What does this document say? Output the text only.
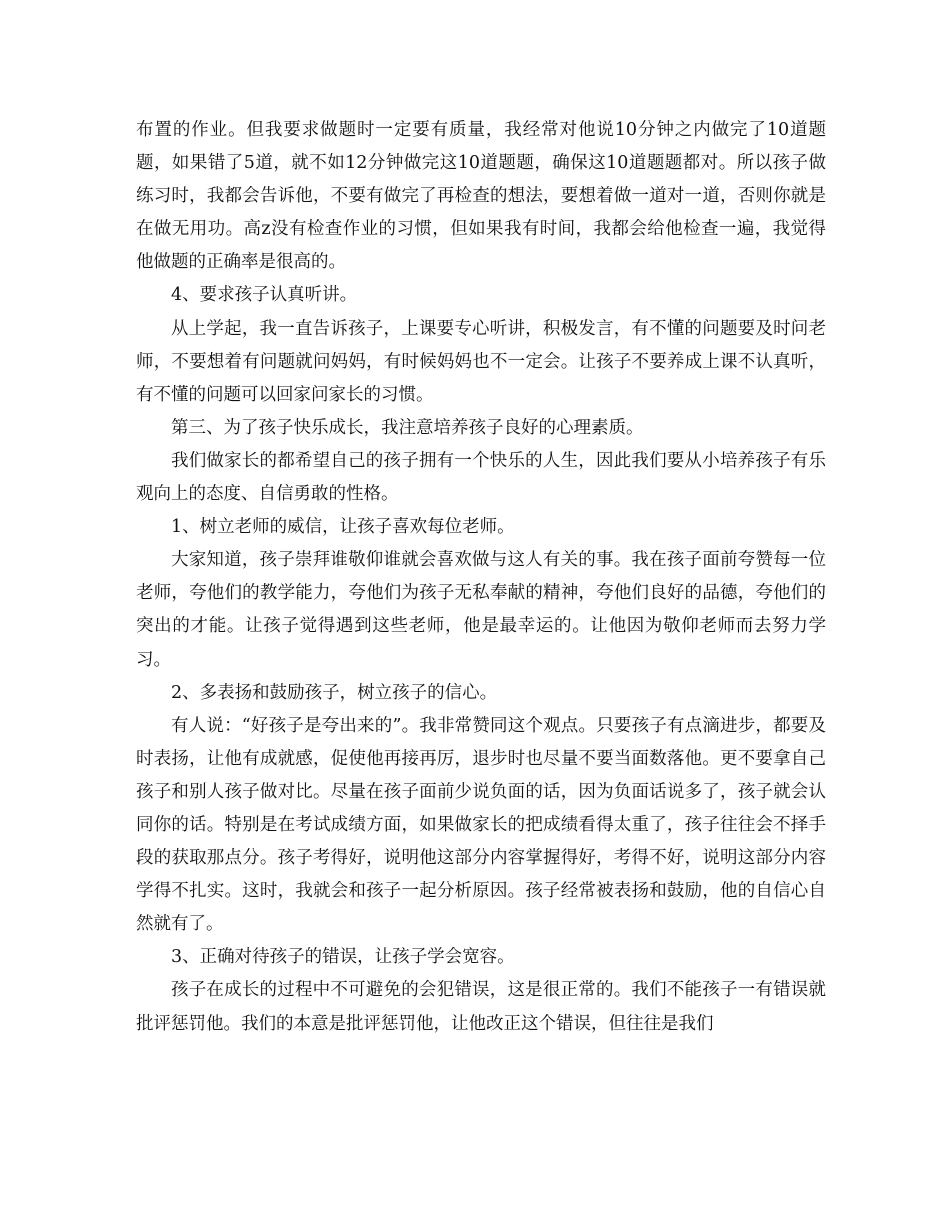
布置的作业。但我要求做题时一定要有质量，我经常对他说10分钟之内做完了10道题题，如果错了5道，就不如12分钟做完这10道题题，确保这10道题题都对。所以孩子做练习时，我都会告诉他，不要有做完了再检查的想法，要想着做一道对一道，否则你就是在做无用功。高z没有检查作业的习惯，但如果我有时间，我都会给他检查一遍，我觉得他做题的正确率是很高的。

4、要求孩子认真听讲。

从上学起，我一直告诉孩子，上课要专心听讲，积极发言，有不懂的问题要及时问老师，不要想着有问题就问妈妈，有时候妈妈也不一定会。让孩子不要养成上课不认真听，有不懂的问题可以回家问家长的习惯。

第三、为了孩子快乐成长，我注意培养孩子良好的心理素质。

我们做家长的都希望自己的孩子拥有一个快乐的人生，因此我们要从小培养孩子有乐观向上的态度、自信勇敢的性格。

1、树立老师的威信，让孩子喜欢每位老师。

大家知道，孩子崇拜谁敬仰谁就会喜欢做与这人有关的事。我在孩子面前夸赞每一位老师，夸他们的教学能力，夸他们为孩子无私奉献的精神，夸他们良好的品德，夸他们的突出的才能。让孩子觉得遇到这些老师，他是最幸运的。让他因为敬仰老师而去努力学习。

2、多表扬和鼓励孩子，树立孩子的信心。

有人说：“好孩子是夸出来的”。我非常赞同这个观点。只要孩子有点滴进步，都要及时表扬，让他有成就感，促使他再接再厉，退步时也尽量不要当面数落他。更不要拿自己孩子和别人孩子做对比。尽量在孩子面前少说负面的话，因为负面话说多了，孩子就会认同你的话。特别是在考试成绩方面，如果做家长的把成绩看得太重了，孩子往往会不择手段的获取那点分。孩子考得好，说明他这部分内容掌握得好，考得不好，说明这部分内容学得不扎实。这时，我就会和孩子一起分析原因。孩子经常被表扬和鼓励，他的自信心自然就有了。

3、正确对待孩子的错误，让孩子学会宽容。

孩子在成长的过程中不可避免的会犯错误，这是很正常的。我们不能孩子一有错误就批评惩罚他。我们的本意是批评惩罚他，让他改正这个错误，但往往是我们
